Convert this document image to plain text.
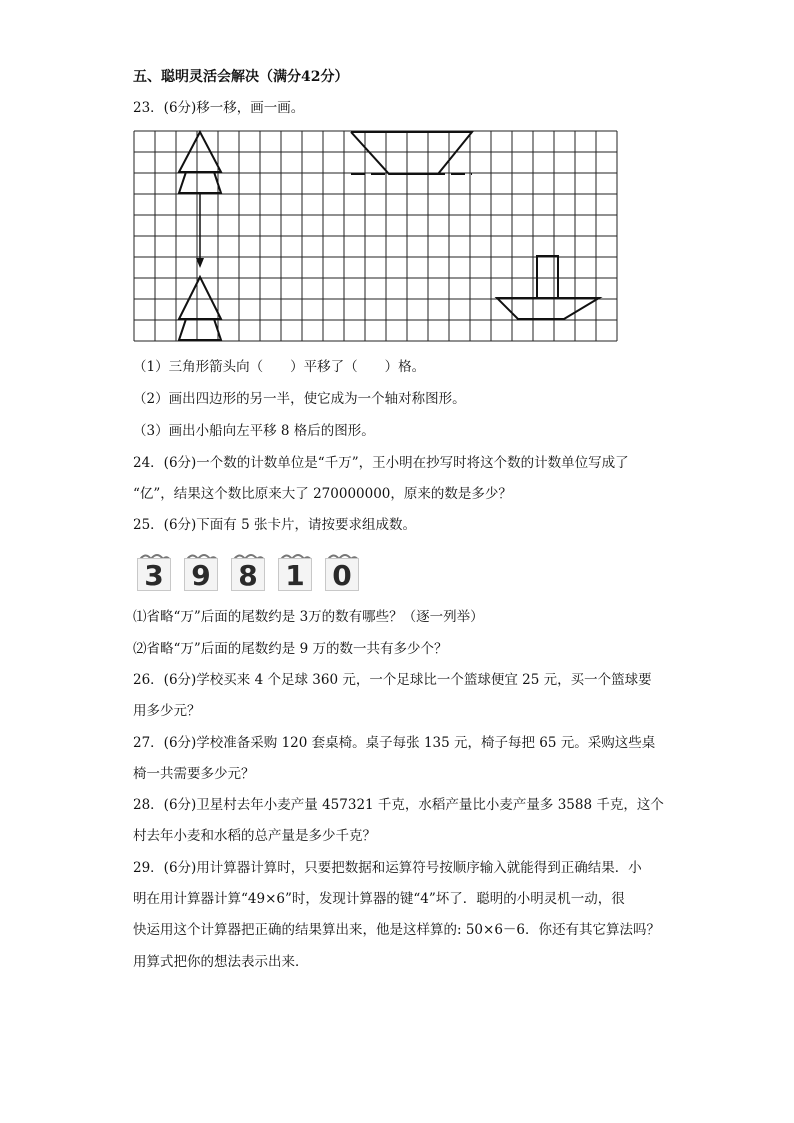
五、聪明灵活会解决（满分42分）
23．(6分)移一移，画一画。
（1）三角形箭头向（　　）平移了（　　）格。
（2）画出四边形的另一半，使它成为一个轴对称图形。
（3）画出小船向左平移 8 格后的图形。
24．(6分)一个数的计数单位是“千万”，王小明在抄写时将这个数的计数单位写成了
“亿”，结果这个数比原来大了 270000000，原来的数是多少？
25．(6分)下面有 5 张卡片，请按要求组成数。
3 9 8 1 0
⑴省略“万”后面的尾数约是 3万的数有哪些？（逐一列举）
⑵省略“万”后面的尾数约是 9 万的数一共有多少个？
26．(6分)学校买来 4 个足球 360 元，一个足球比一个篮球便宜 25 元，买一个篮球要
用多少元？
27．(6分)学校准备采购 120 套桌椅。桌子每张 135 元，椅子每把 65 元。采购这些桌
椅一共需要多少元？
28．(6分)卫星村去年小麦产量 457321 千克，水稻产量比小麦产量多 3588 千克，这个
村去年小麦和水稻的总产量是多少千克？
29．(6分)用计算器计算时，只要把数据和运算符号按顺序输入就能得到正确结果．小
明在用计算器计算“49×6”时，发现计算器的键“4”坏了．聪明的小明灵机一动，很
快运用这个计算器把正确的结果算出来，他是这样算的: 50×6－6．你还有其它算法吗？
用算式把你的想法表示出来．
